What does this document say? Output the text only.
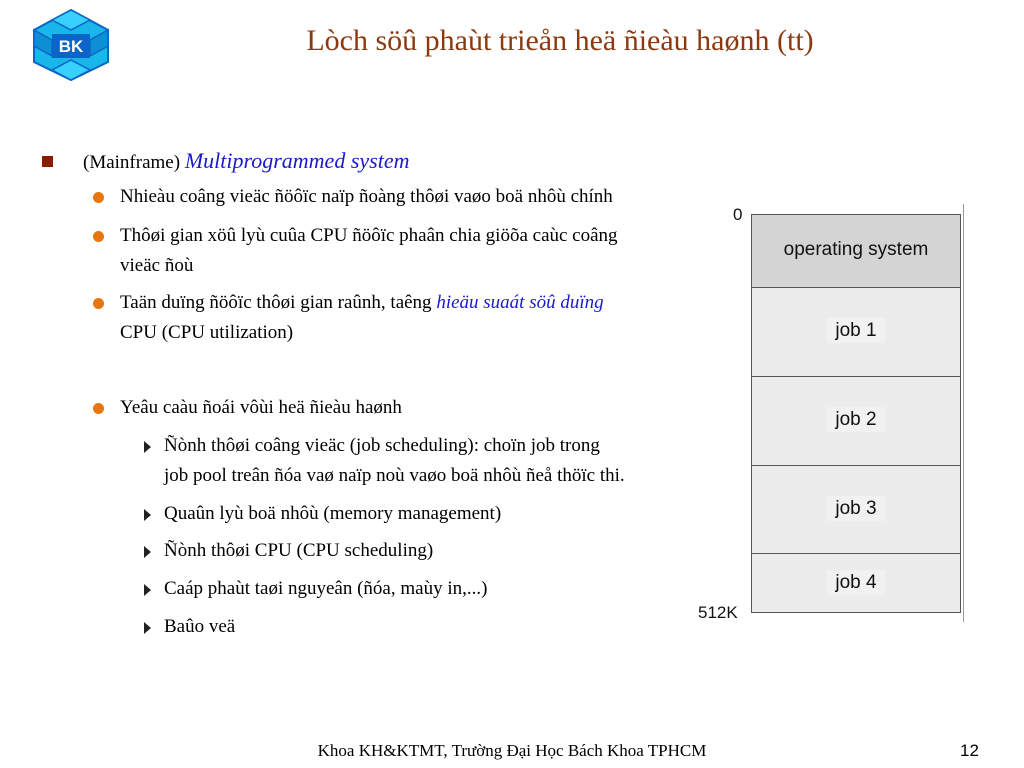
BK	Lòch söû phaùt trieån heä ñieàu haønh (tt)
(Mainframe) Multiprogrammed system
Nhieàu coâng vieäc ñöôïc naïp ñoàng thôøi vaøo boä nhôù chính
Thôøi gian xöû lyù cuûa CPU ñöôïc phaân chia giöõa caùc coâng
vieäc ñoù
Taän duïng ñöôïc thôøi gian raûnh, taêng hieäu suaát söû duïng
CPU (CPU utilization)
Yeâu caàu ñoái vôùi heä ñieàu haønh
Ñònh thôøi coâng vieäc (job scheduling): choïn job trong
job pool treân ñóa vaø naïp noù vaøo boä nhôù ñeå thöïc thi.
Quaûn lyù boä nhôù (memory management)
Ñònh thôøi CPU (CPU scheduling)
Caáp phaùt taøi nguyeân (ñóa, maùy in,...)
Baûo veä
0
operating system
job 1
job 2
job 3
job 4
512K
Khoa KH&KTMT, Trường Đại Học Bách Khoa TPHCM	12
